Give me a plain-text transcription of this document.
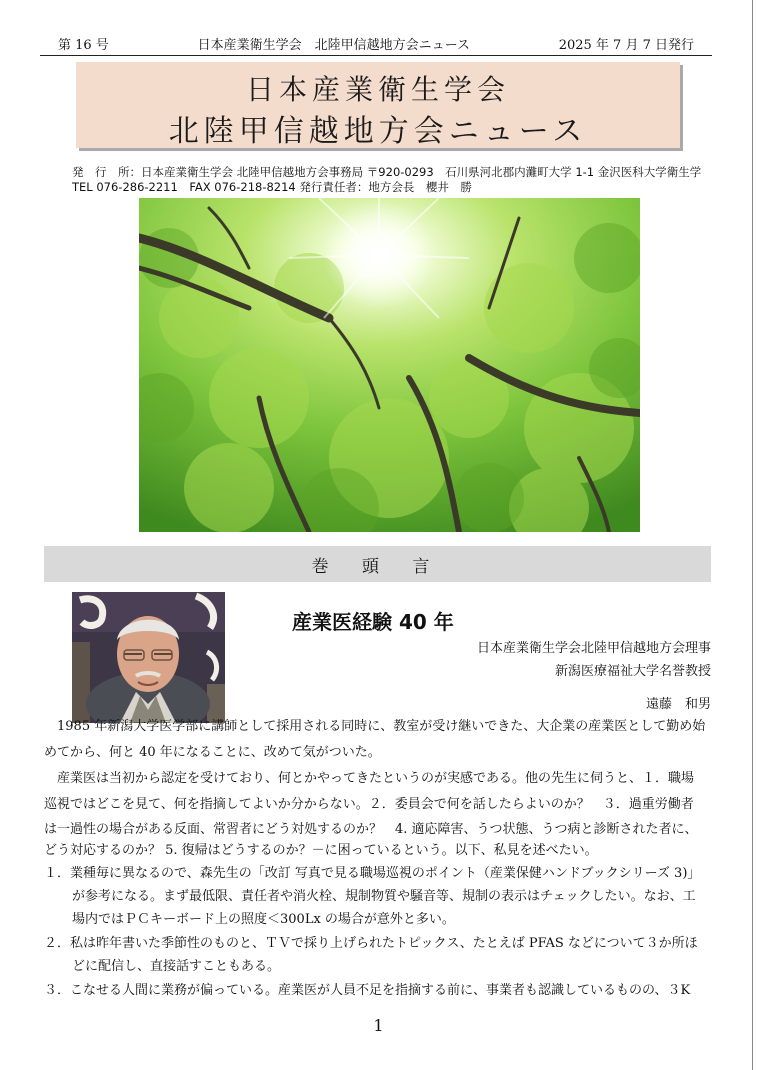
第 16 号	日本産業衛生学会　北陸甲信越地方会ニュース	2025 年 7 月 7 日発行
日本産業衛生学会
北陸甲信越地方会ニュース
発　行　所：日本産業衛生学会 北陸甲信越地方会事務局 〒920-0293　石川県河北郡内灘町大学 1-1 金沢医科大学衛生学
TEL 076-286-2211　FAX 076-218-8214 発行責任者：地方会長　櫻井　勝
巻 頭 言
産業医経験 40 年
日本産業衛生学会北陸甲信越地方会理事
新潟医療福祉大学名誉教授
遠藤　和男
　1985 年新潟大学医学部に講師として採用される同時に、教室が受け継いできた、大企業の産業医として勤め始
めてから、何と 40 年になることに、改めて気がついた。
　産業医は当初から認定を受けており、何とかやってきたというのが実感である。他の先生に伺うと、１．職場
巡視ではどこを見て、何を指摘してよいか分からない。２．委員会で何を話したらよいのか？　３．過重労働者
は一過性の場合がある反面、常習者にどう対処するのか？　4. 適応障害、うつ状態、うつ病と診断された者に、
どう対応するのか？ 5. 復帰はどうするのか？－に困っているという。以下、私見を述べたい。
１．業種毎に異なるので、森先生の「改訂 写真で見る職場巡視のポイント（産業保健ハンドブックシリーズ 3)」
が参考になる。まず最低限、責任者や消火栓、規制物質や騒音等、規制の表示はチェックしたい。なお、工
場内ではＰＣキーボード上の照度＜300Lx の場合が意外と多い。
２．私は昨年書いた季節性のものと、ＴＶで採り上げられたトピックス、たとえば PFAS などについて３か所ほ
どに配信し、直接話すこともある。
３．こなせる人間に業務が偏っている。産業医が人員不足を指摘する前に、事業者も認識しているものの、３K
1
